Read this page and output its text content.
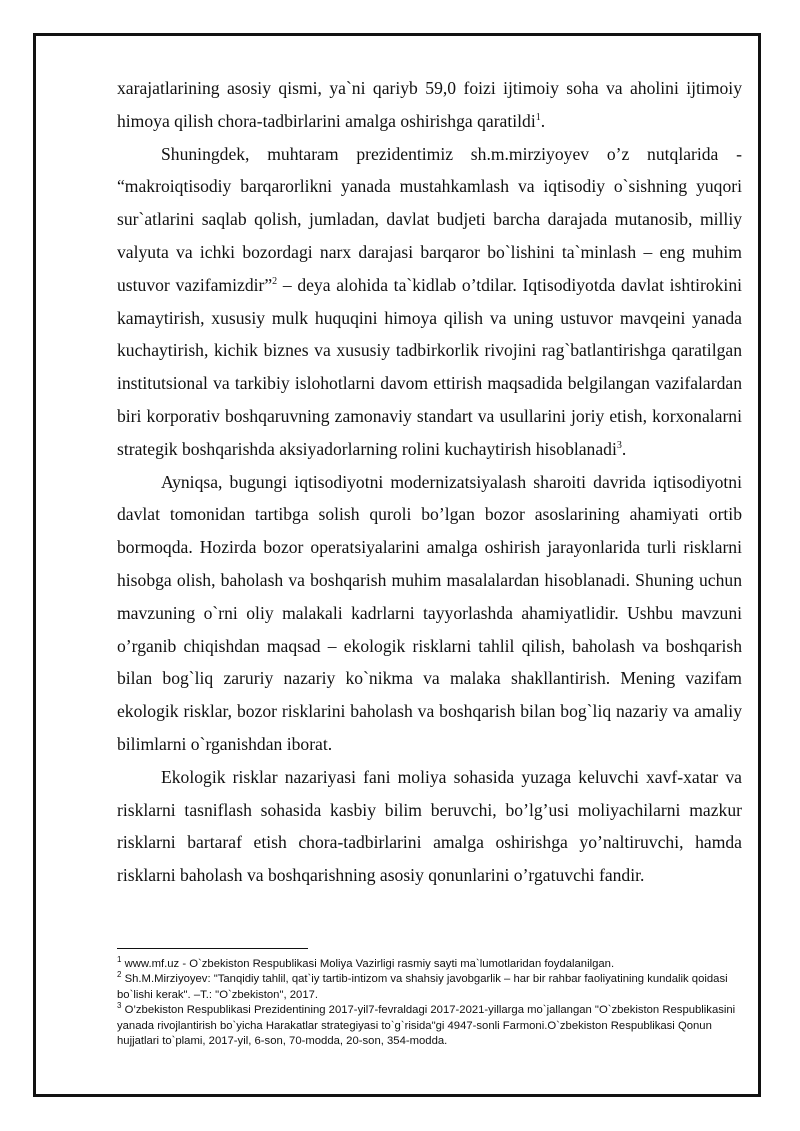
xarajatlarining asosiy qismi, ya`ni qariyb 59,0 foizi ijtimoiy soha va aholini ijtimoiy himoya qilish chora-tadbirlarini amalga oshirishga qaratildi$^1$.

Shuningdek, muhtaram prezidentimiz sh.m.mirziyoyev o’z nutqlarida - “makroiqtisodiy barqarorlikni yanada mustahkamlash va iqtisodiy o`sishning yuqori sur`atlarini saqlab qolish, jumladan, davlat budjeti barcha darajada mutanosib, milliy valyuta va ichki bozordagi narx darajasi barqaror bo`lishini ta`minlash – eng muhim ustuvor vazifamizdir”$^2$ – deya alohida ta`kidlab o’tdilar. Iqtisodiyotda davlat ishtirokini kamaytirish, xususiy mulk huquqini himoya qilish va uning ustuvor mavqeini yanada kuchaytirish, kichik biznes va xususiy tadbirkorlik rivojini rag`batlantirishga qaratilgan institutsional va tarkibiy islohotlarni davom ettirish maqsadida belgilangan vazifalardan biri korporativ boshqaruvning zamonaviy standart va usullarini joriy etish, korxonalarni strategik boshqarishda aksiyadorlarning rolini kuchaytirish hisoblanadi$^3$.

Ayniqsa, bugungi iqtisodiyotni modernizatsiyalash sharoiti davrida iqtisodiyotni davlat tomonidan tartibga solish quroli bo’lgan bozor asoslarining ahamiyati ortib bormoqda. Hozirda bozor operatsiyalarini amalga oshirish jarayonlarida turli risklarni hisobga olish, baholash va boshqarish muhim masalalardan hisoblanadi. Shuning uchun mavzuning o`rni oliy malakali kadrlarni tayyorlashda ahamiyatlidir. Ushbu mavzuni o’rganib chiqishdan maqsad – ekologik risklarni tahlil qilish, baholash va boshqarish bilan bog`liq zaruriy nazariy ko`nikma va malaka shakllantirish. Mening vazifam ekologik risklar, bozor risklarini baholash va boshqarish bilan bog`liq nazariy va amaliy bilimlarni o`rganishdan iborat.

Ekologik risklar nazariyasi fani moliya sohasida yuzaga keluvchi xavf-xatar va risklarni tasniflash sohasida kasbiy bilim beruvchi, bo’lg’usi moliyachilarni mazkur risklarni bartaraf etish chora-tadbirlarini amalga oshirishga yo’naltiruvchi, hamda risklarni baholash va boshqarishning asosiy qonunlarini o’rgatuvchi fandir.

$^1$ www.mf.uz - O`zbekiston Respublikasi Moliya Vazirligi rasmiy sayti ma`lumotlaridan foydalanilgan.

$^2$ Sh.M.Mirziyoyev: "Tanqidiy tahlil, qat`iy tartib-intizom va shahsiy javobgarlik – har bir rahbar faoliyatining kundalik qoidasi bo`lishi kerak". –T.: "O`zbekiston", 2017.

$^3$ O’zbekiston Respublikasi Prezidentining 2017-yil7-fevraldagi 2017-2021-yillarga mo`jallangan "O`zbekiston Respublikasini yanada rivojlantirish bo`yicha Harakatlar strategiyasi to`g`risida"gi 4947-sonli Farmoni.O`zbekiston Respublikasi Qonun hujjatlari to`plami, 2017-yil, 6-son, 70-modda, 20-son, 354-modda.
